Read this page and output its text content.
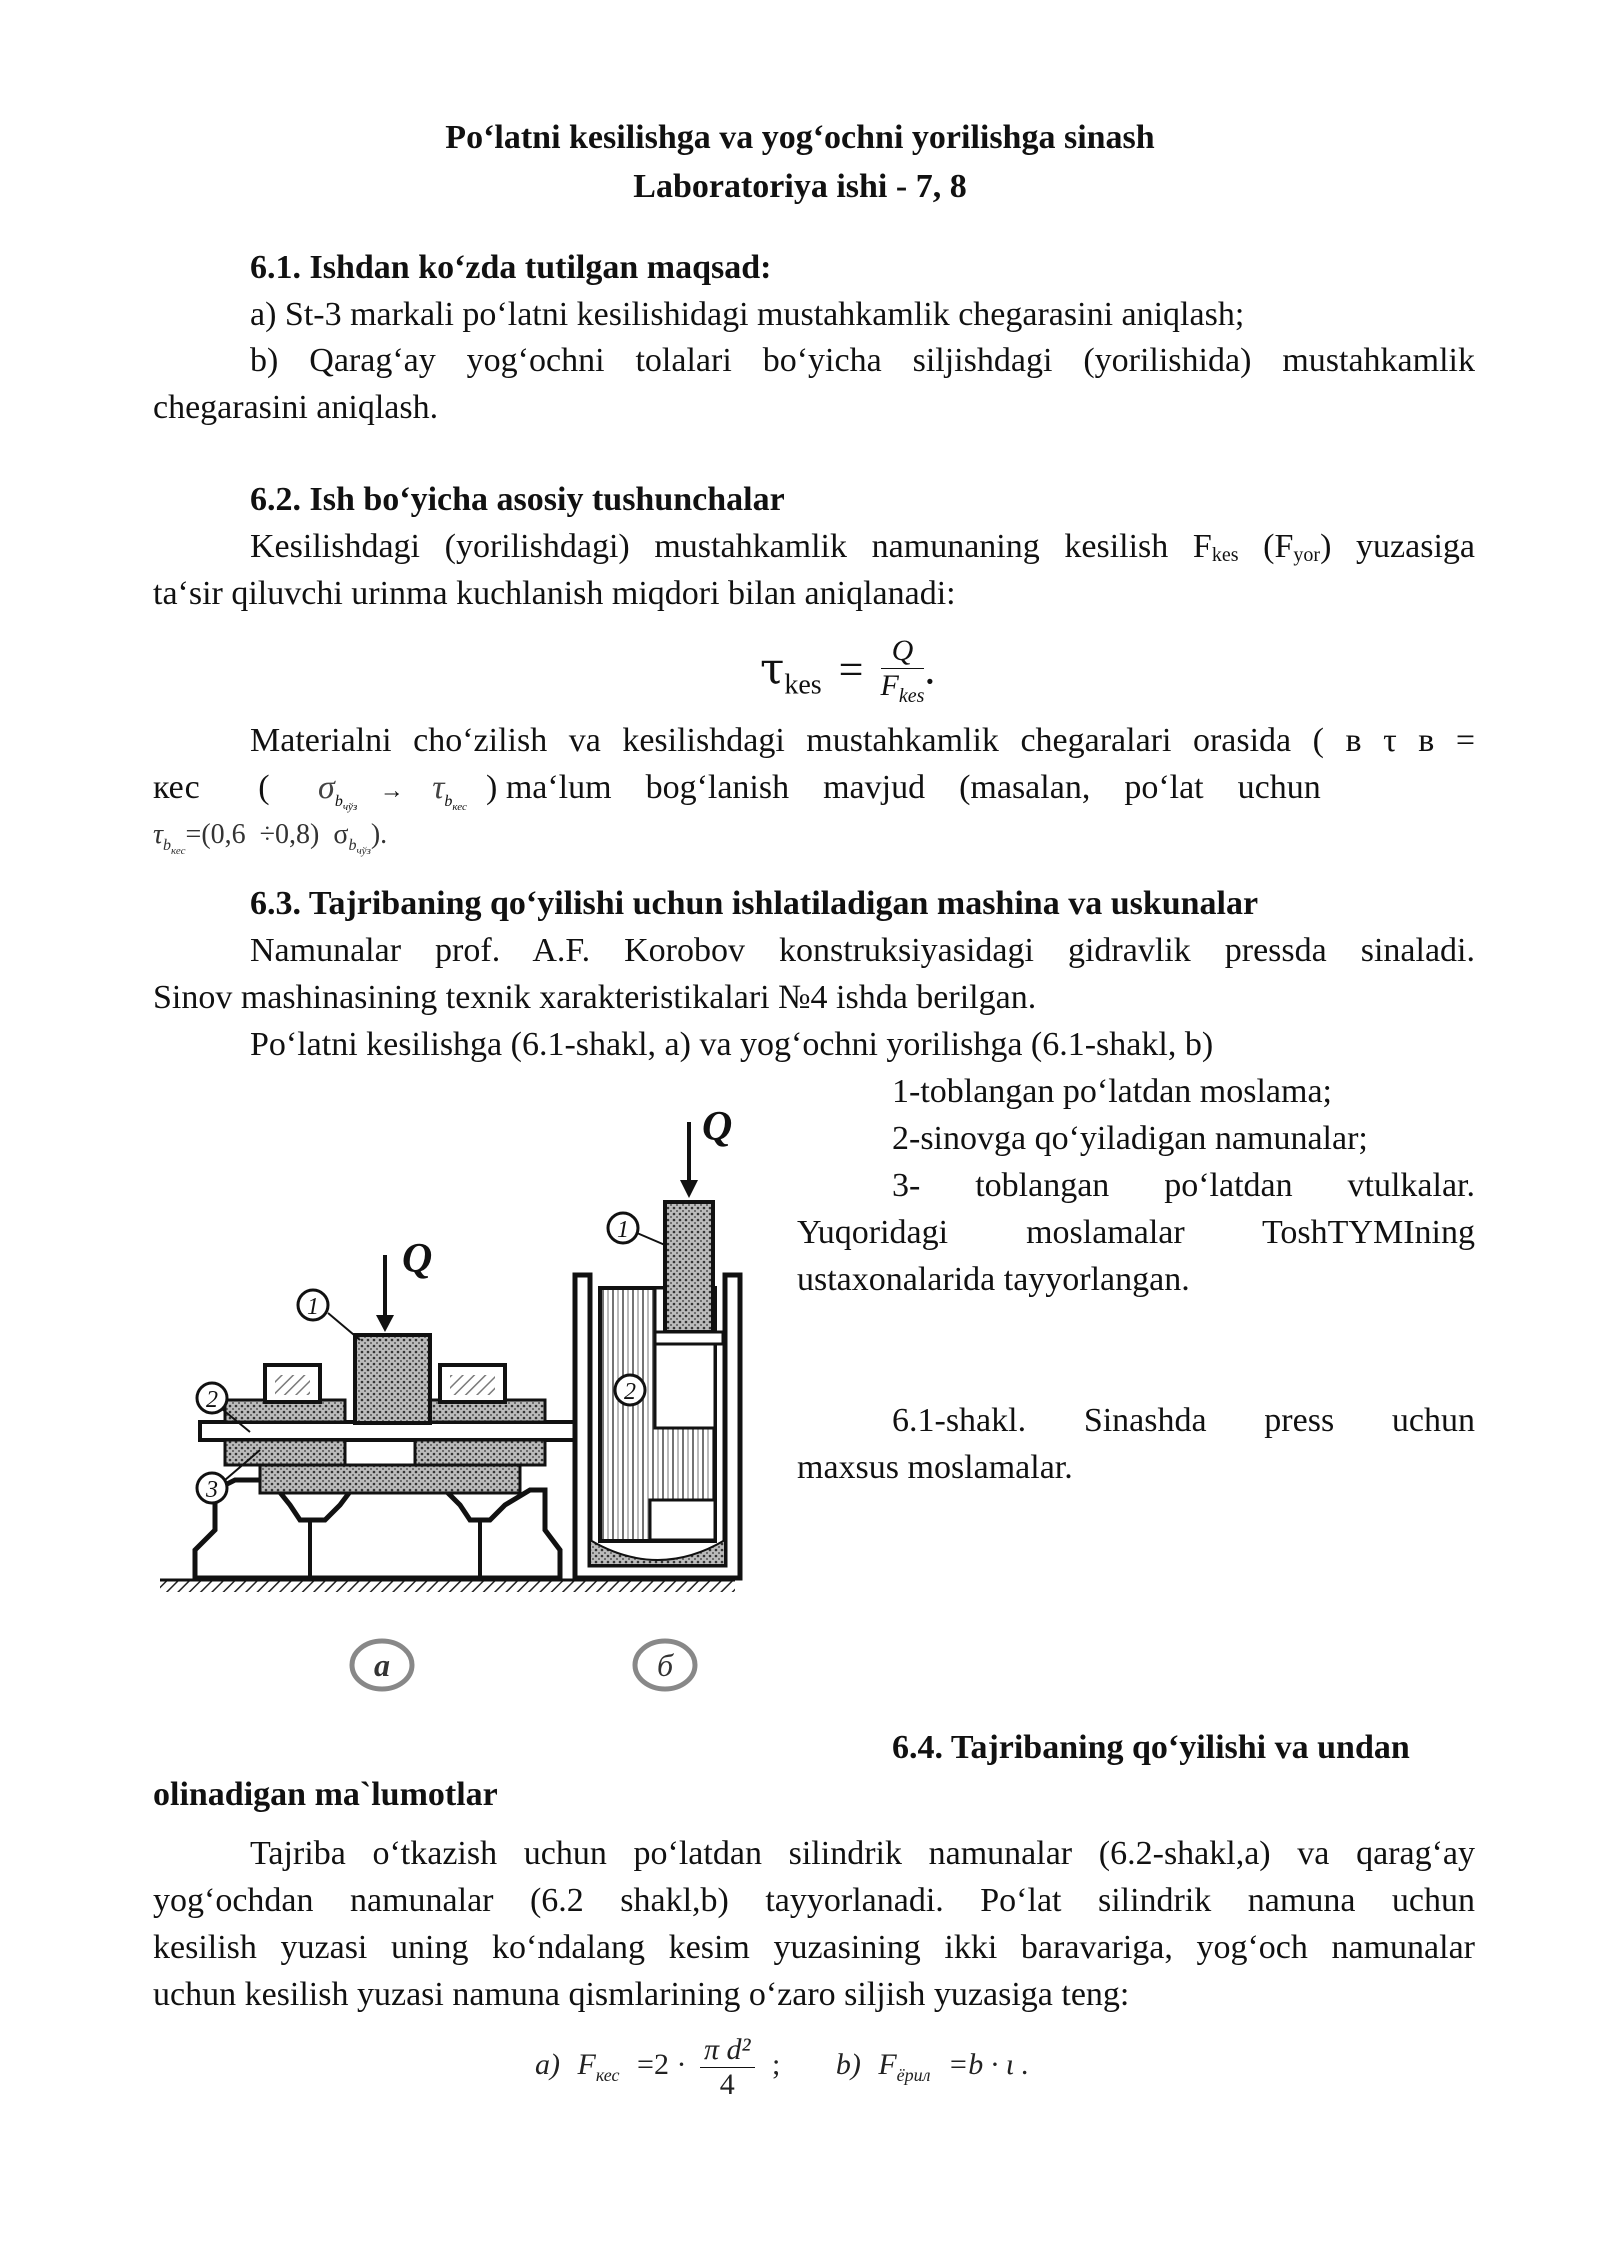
Po‘latni kesilishga va yog‘ochni yorilishga sinash
Laboratoriya ishi - 7, 8
6.1. Ishdan ko‘zda tutilgan maqsad:
a) St-3 markali po‘latni kesilishidagi mustahkamlik chegarasini aniqlash;
b) Qarag‘ay yog‘ochni tolalari bo‘yicha siljishdagi (yorilishida) mustahkamlik
chegarasini aniqlash.
6.2. Ish bo‘yicha asosiy tushunchalar
Kesilishdagi (yorilishdagi) mustahkamlik namunaning kesilish $F_{kes}$ $(F_{yor})$ yuzasiga
ta‘sir qiluvchi urinma kuchlanish miqdori bilan aniqlanadi:
$\tau_{kes} = \frac{Q}{F_{kes}}$ .
Materialni cho‘zilish va kesilishdagi mustahkamlik chegaralari orasida ( в τ в =
кес ( $\sigma_{b_{чўз}} \to \tau_{b_{кес}}$
) ma‘lum    bog‘lanish    mavjud    (masalan,    po‘lat    uchun
$\tau_{b_{кес}}=(0,6 \div 0,8)$  $\sigma_{b_{чўз}}$).
6.3. Tajribaning qo‘yilishi uchun ishlatiladigan mashina va uskunalar
Namunalar prof. A.F. Korobov konstruksiyasidagi gidravlik pressda sinaladi.
Sinov mashinasining texnik xarakteristikalari №4 ishda berilgan.
Po‘latni kesilishga (6.1-shakl, a) va yog‘ochni yorilishga (6.1-shakl, b)
1-toblangan po‘latdan moslama;
2-sinovga qo‘yiladigan namunalar;
3- toblangan po‘latdan vtulkalar.
Yuqoridagi moslamalar ToshTYMIning
ustaxonalarida tayyorlangan.
6.1-shakl. Sinashda press uchun
maxsus moslamalar.
Q
Q
1
2
3
1
2
a	б
6.4. Tajribaning qo‘yilishi va undan
olinadigan ma`lumotlar
Tajriba o‘tkazish uchun po‘latdan silindrik namunalar (6.2-shakl,a) va qarag‘ay
yog‘ochdan namunalar (6.2 shakl,b) tayyorlanadi. Po‘lat silindrik namuna uchun
kesilish yuzasi uning ko‘ndalang kesim yuzasining ikki baravariga, yog‘och namunalar
uchun kesilish yuzasi namuna qismlarining o‘zaro siljish yuzasiga teng:
a) $F_{кес} =2 \cdot \frac{\text{π d²}}{4}$ ; b) $F_{ёрил} =b \cdot \iota$ .
